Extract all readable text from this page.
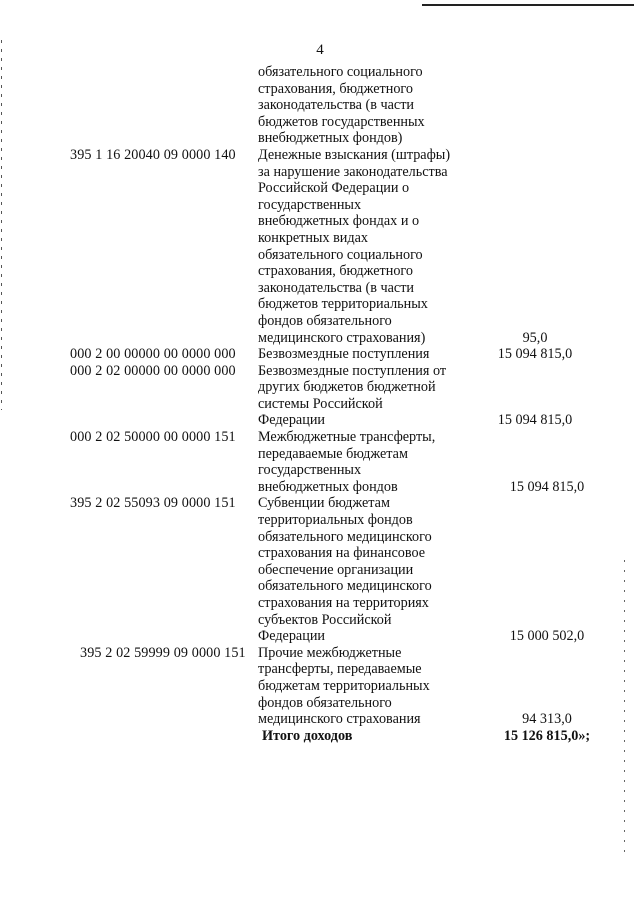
4
обязательного социального
страхования, бюджетного
законодательства (в части
бюджетов государственных
внебюджетных фондов)
395 1 16 20040 09 0000 140 Денежные взыскания (штрафы)
за нарушение законодательства
Российской Федерации о
государственных
внебюджетных фондах и о
конкретных видах
обязательного социального
страхования, бюджетного
законодательства (в части
бюджетов территориальных
фондов обязательного
медицинского страхования)	95,0
000 2 00 00000 00 0000 000 Безвозмездные поступления	15 094 815,0
000 2 02 00000 00 0000 000 Безвозмездные поступления от
других бюджетов бюджетной
системы Российской
Федерации	15 094 815,0
000 2 02 50000 00 0000 151 Межбюджетные трансферты,
передаваемые бюджетам
государственных
внебюджетных фондов	15 094 815,0
395 2 02 55093 09 0000 151 Субвенции бюджетам
территориальных фондов
обязательного медицинского
страхования на финансовое
обеспечение организации
обязательного медицинского
страхования на территориях
субъектов Российской
Федерации	15 000 502,0
395 2 02 59999 09 0000 151 Прочие межбюджетные
трансферты, передаваемые
бюджетам территориальных
фондов обязательного
медицинского страхования	94 313,0
Итого доходов	15 126 815,0»;
